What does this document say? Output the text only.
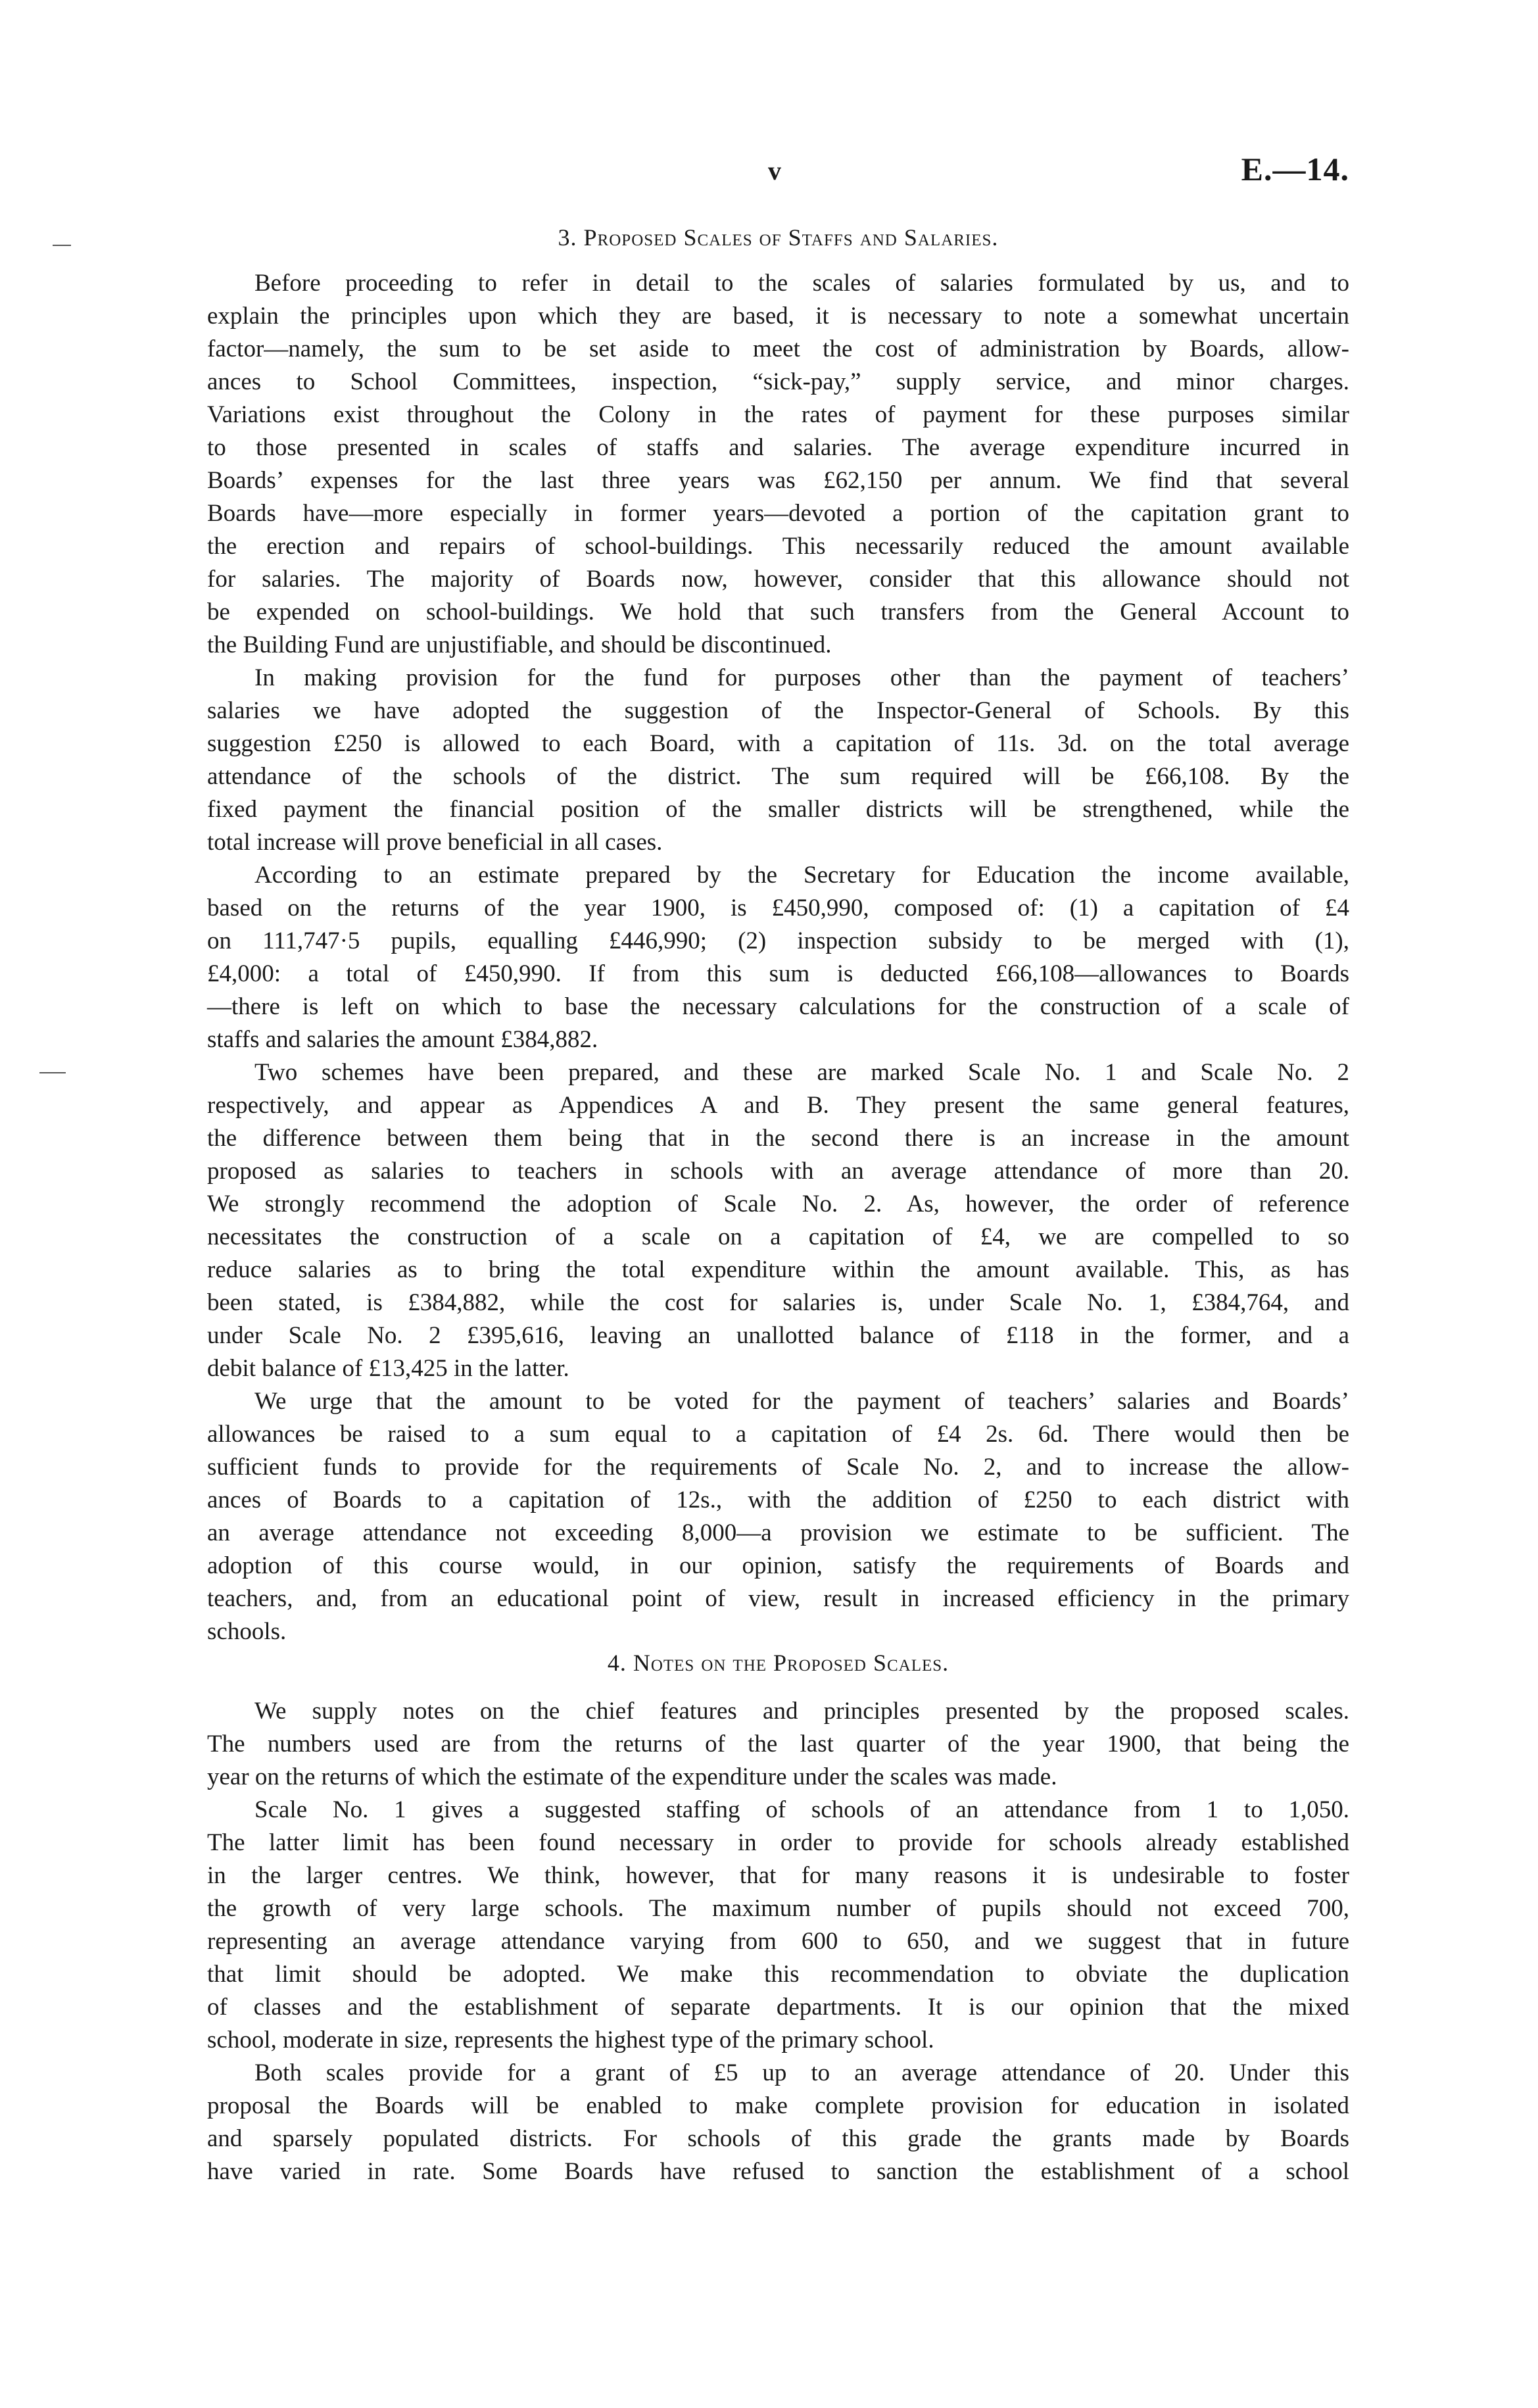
v	E.—14.
3. Proposed Scales of Staffs and Salaries.
Before proceeding to refer in detail to the scales of salaries formulated by us, and to
explain the principles upon which they are based, it is necessary to note a somewhat uncertain
factor—namely, the sum to be set aside to meet the cost of administration by Boards, allow-
ances to School Committees, inspection, “sick-pay,” supply service, and minor charges.
Variations exist throughout the Colony in the rates of payment for these purposes similar
to those presented in scales of staffs and salaries. The average expenditure incurred in
Boards’ expenses for the last three years was £62,150 per annum. We find that several
Boards have—more especially in former years—devoted a portion of the capitation grant to
the erection and repairs of school-buildings. This necessarily reduced the amount available
for salaries. The majority of Boards now, however, consider that this allowance should not
be expended on school-buildings. We hold that such transfers from the General Account to
the Building Fund are unjustifiable, and should be discontinued.
In making provision for the fund for purposes other than the payment of teachers’
salaries we have adopted the suggestion of the Inspector-General of Schools. By this
suggestion £250 is allowed to each Board, with a capitation of 11s. 3d. on the total average
attendance of the schools of the district. The sum required will be £66,108. By the
fixed payment the financial position of the smaller districts will be strengthened, while the
total increase will prove beneficial in all cases.
According to an estimate prepared by the Secretary for Education the income available,
based on the returns of the year 1900, is £450,990, composed of: (1) a capitation of £4
on 111,747·5 pupils, equalling £446,990; (2) inspection subsidy to be merged with (1),
£4,000: a total of £450,990. If from this sum is deducted £66,108—allowances to Boards
—there is left on which to base the necessary calculations for the construction of a scale of
staffs and salaries the amount £384,882.
Two schemes have been prepared, and these are marked Scale No. 1 and Scale No. 2
respectively, and appear as Appendices A and B. They present the same general features,
the difference between them being that in the second there is an increase in the amount
proposed as salaries to teachers in schools with an average attendance of more than 20.
We strongly recommend the adoption of Scale No. 2. As, however, the order of reference
necessitates the construction of a scale on a capitation of £4, we are compelled to so
reduce salaries as to bring the total expenditure within the amount available. This, as has
been stated, is £384,882, while the cost for salaries is, under Scale No. 1, £384,764, and
under Scale No. 2 £395,616, leaving an unallotted balance of £118 in the former, and a
debit balance of £13,425 in the latter.
We urge that the amount to be voted for the payment of teachers’ salaries and Boards’
allowances be raised to a sum equal to a capitation of £4 2s. 6d. There would then be
sufficient funds to provide for the requirements of Scale No. 2, and to increase the allow-
ances of Boards to a capitation of 12s., with the addition of £250 to each district with
an average attendance not exceeding 8,000—a provision we estimate to be sufficient. The
adoption of this course would, in our opinion, satisfy the requirements of Boards and
teachers, and, from an educational point of view, result in increased efficiency in the primary
schools.
4. Notes on the Proposed Scales.
We supply notes on the chief features and principles presented by the proposed scales.
The numbers used are from the returns of the last quarter of the year 1900, that being the
year on the returns of which the estimate of the expenditure under the scales was made.
Scale No. 1 gives a suggested staffing of schools of an attendance from 1 to 1,050.
The latter limit has been found necessary in order to provide for schools already established
in the larger centres. We think, however, that for many reasons it is undesirable to foster
the growth of very large schools. The maximum number of pupils should not exceed 700,
representing an average attendance varying from 600 to 650, and we suggest that in future
that limit should be adopted. We make this recommendation to obviate the duplication
of classes and the establishment of separate departments. It is our opinion that the mixed
school, moderate in size, represents the highest type of the primary school.
Both scales provide for a grant of £5 up to an average attendance of 20. Under this
proposal the Boards will be enabled to make complete provision for education in isolated
and sparsely populated districts. For schools of this grade the grants made by Boards
have varied in rate. Some Boards have refused to sanction the establishment of a school
